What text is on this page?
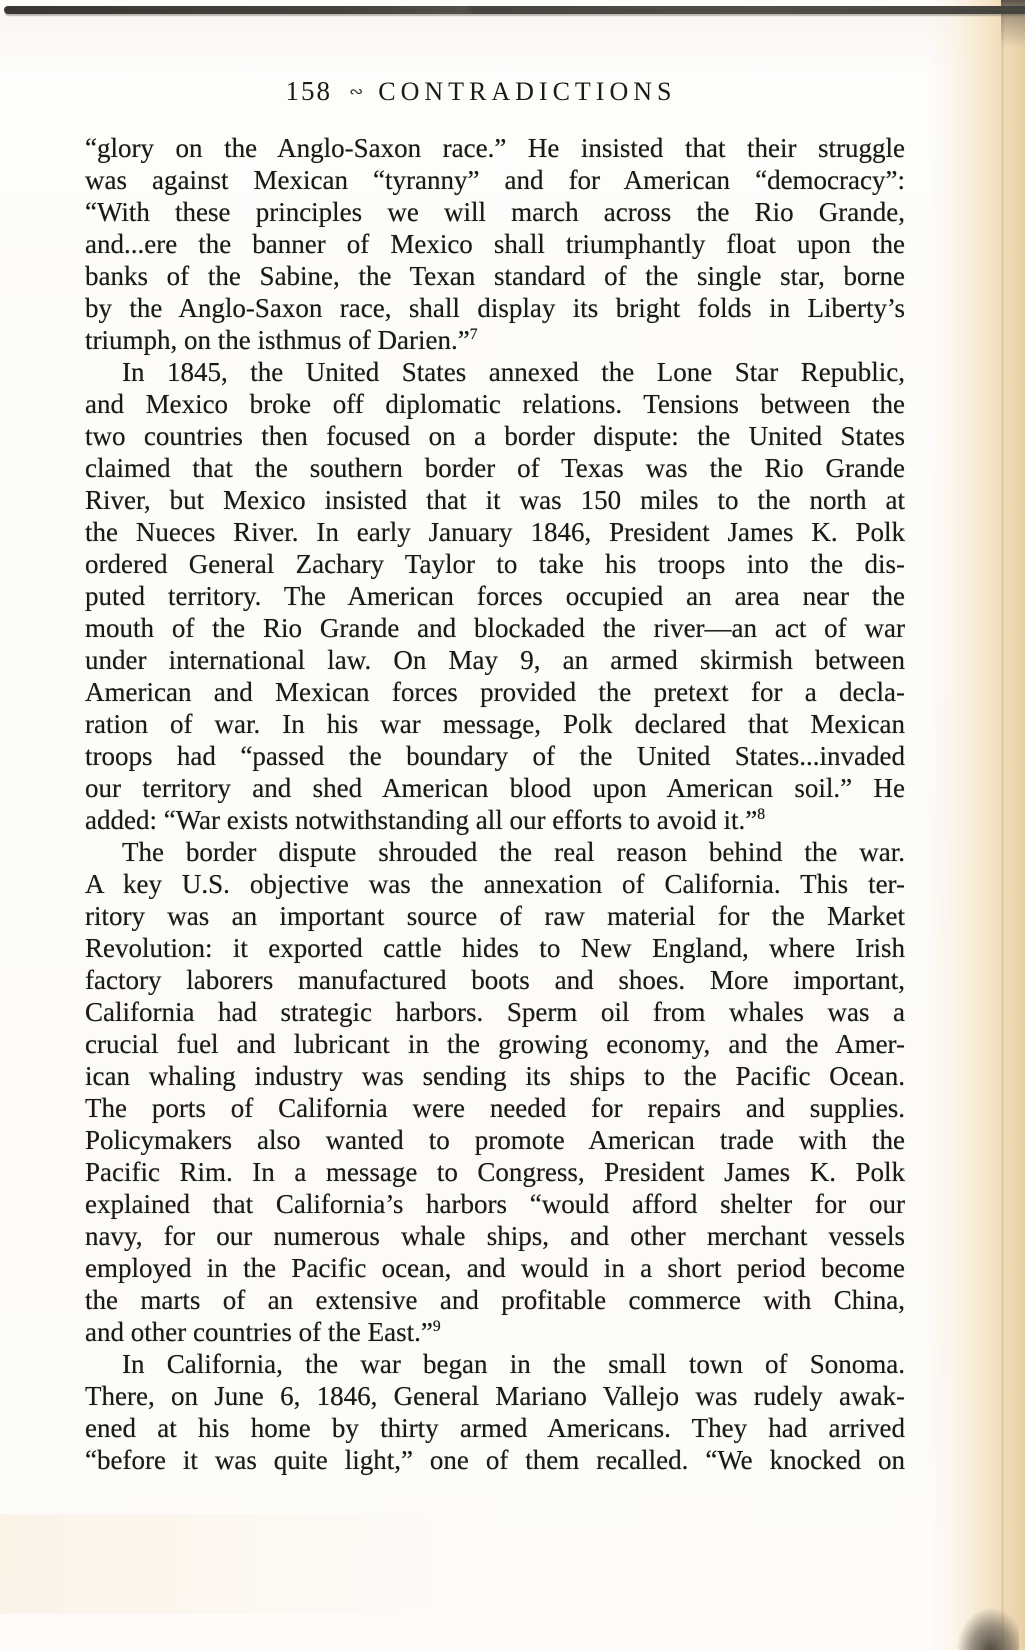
158 ∾ CONTRADICTIONS
“glory on the Anglo-Saxon race.” He insisted that their struggle
was against Mexican “tyranny” and for American “democracy”:
“With these principles we will march across the Rio Grande,
and...ere the banner of Mexico shall triumphantly float upon the
banks of the Sabine, the Texan standard of the single star, borne
by the Anglo-Saxon race, shall display its bright folds in Liberty’s
triumph, on the isthmus of Darien.”$^7$
In 1845, the United States annexed the Lone Star Republic,
and Mexico broke off diplomatic relations. Tensions between the
two countries then focused on a border dispute: the United States
claimed that the southern border of Texas was the Rio Grande
River, but Mexico insisted that it was 150 miles to the north at
the Nueces River. In early January 1846, President James K. Polk
ordered General Zachary Taylor to take his troops into the dis-
puted territory. The American forces occupied an area near the
mouth of the Rio Grande and blockaded the river—an act of war
under international law. On May 9, an armed skirmish between
American and Mexican forces provided the pretext for a decla-
ration of war. In his war message, Polk declared that Mexican
troops had “passed the boundary of the United States...invaded
our territory and shed American blood upon American soil.” He
added: “War exists notwithstanding all our efforts to avoid it.”$^8$
The border dispute shrouded the real reason behind the war.
A key U.S. objective was the annexation of California. This ter-
ritory was an important source of raw material for the Market
Revolution: it exported cattle hides to New England, where Irish
factory laborers manufactured boots and shoes. More important,
California had strategic harbors. Sperm oil from whales was a
crucial fuel and lubricant in the growing economy, and the Amer-
ican whaling industry was sending its ships to the Pacific Ocean.
The ports of California were needed for repairs and supplies.
Policymakers also wanted to promote American trade with the
Pacific Rim. In a message to Congress, President James K. Polk
explained that California’s harbors “would afford shelter for our
navy, for our numerous whale ships, and other merchant vessels
employed in the Pacific ocean, and would in a short period become
the marts of an extensive and profitable commerce with China,
and other countries of the East.”$^9$
In California, the war began in the small town of Sonoma.
There, on June 6, 1846, General Mariano Vallejo was rudely awak-
ened at his home by thirty armed Americans. They had arrived
“before it was quite light,” one of them recalled. “We knocked on
